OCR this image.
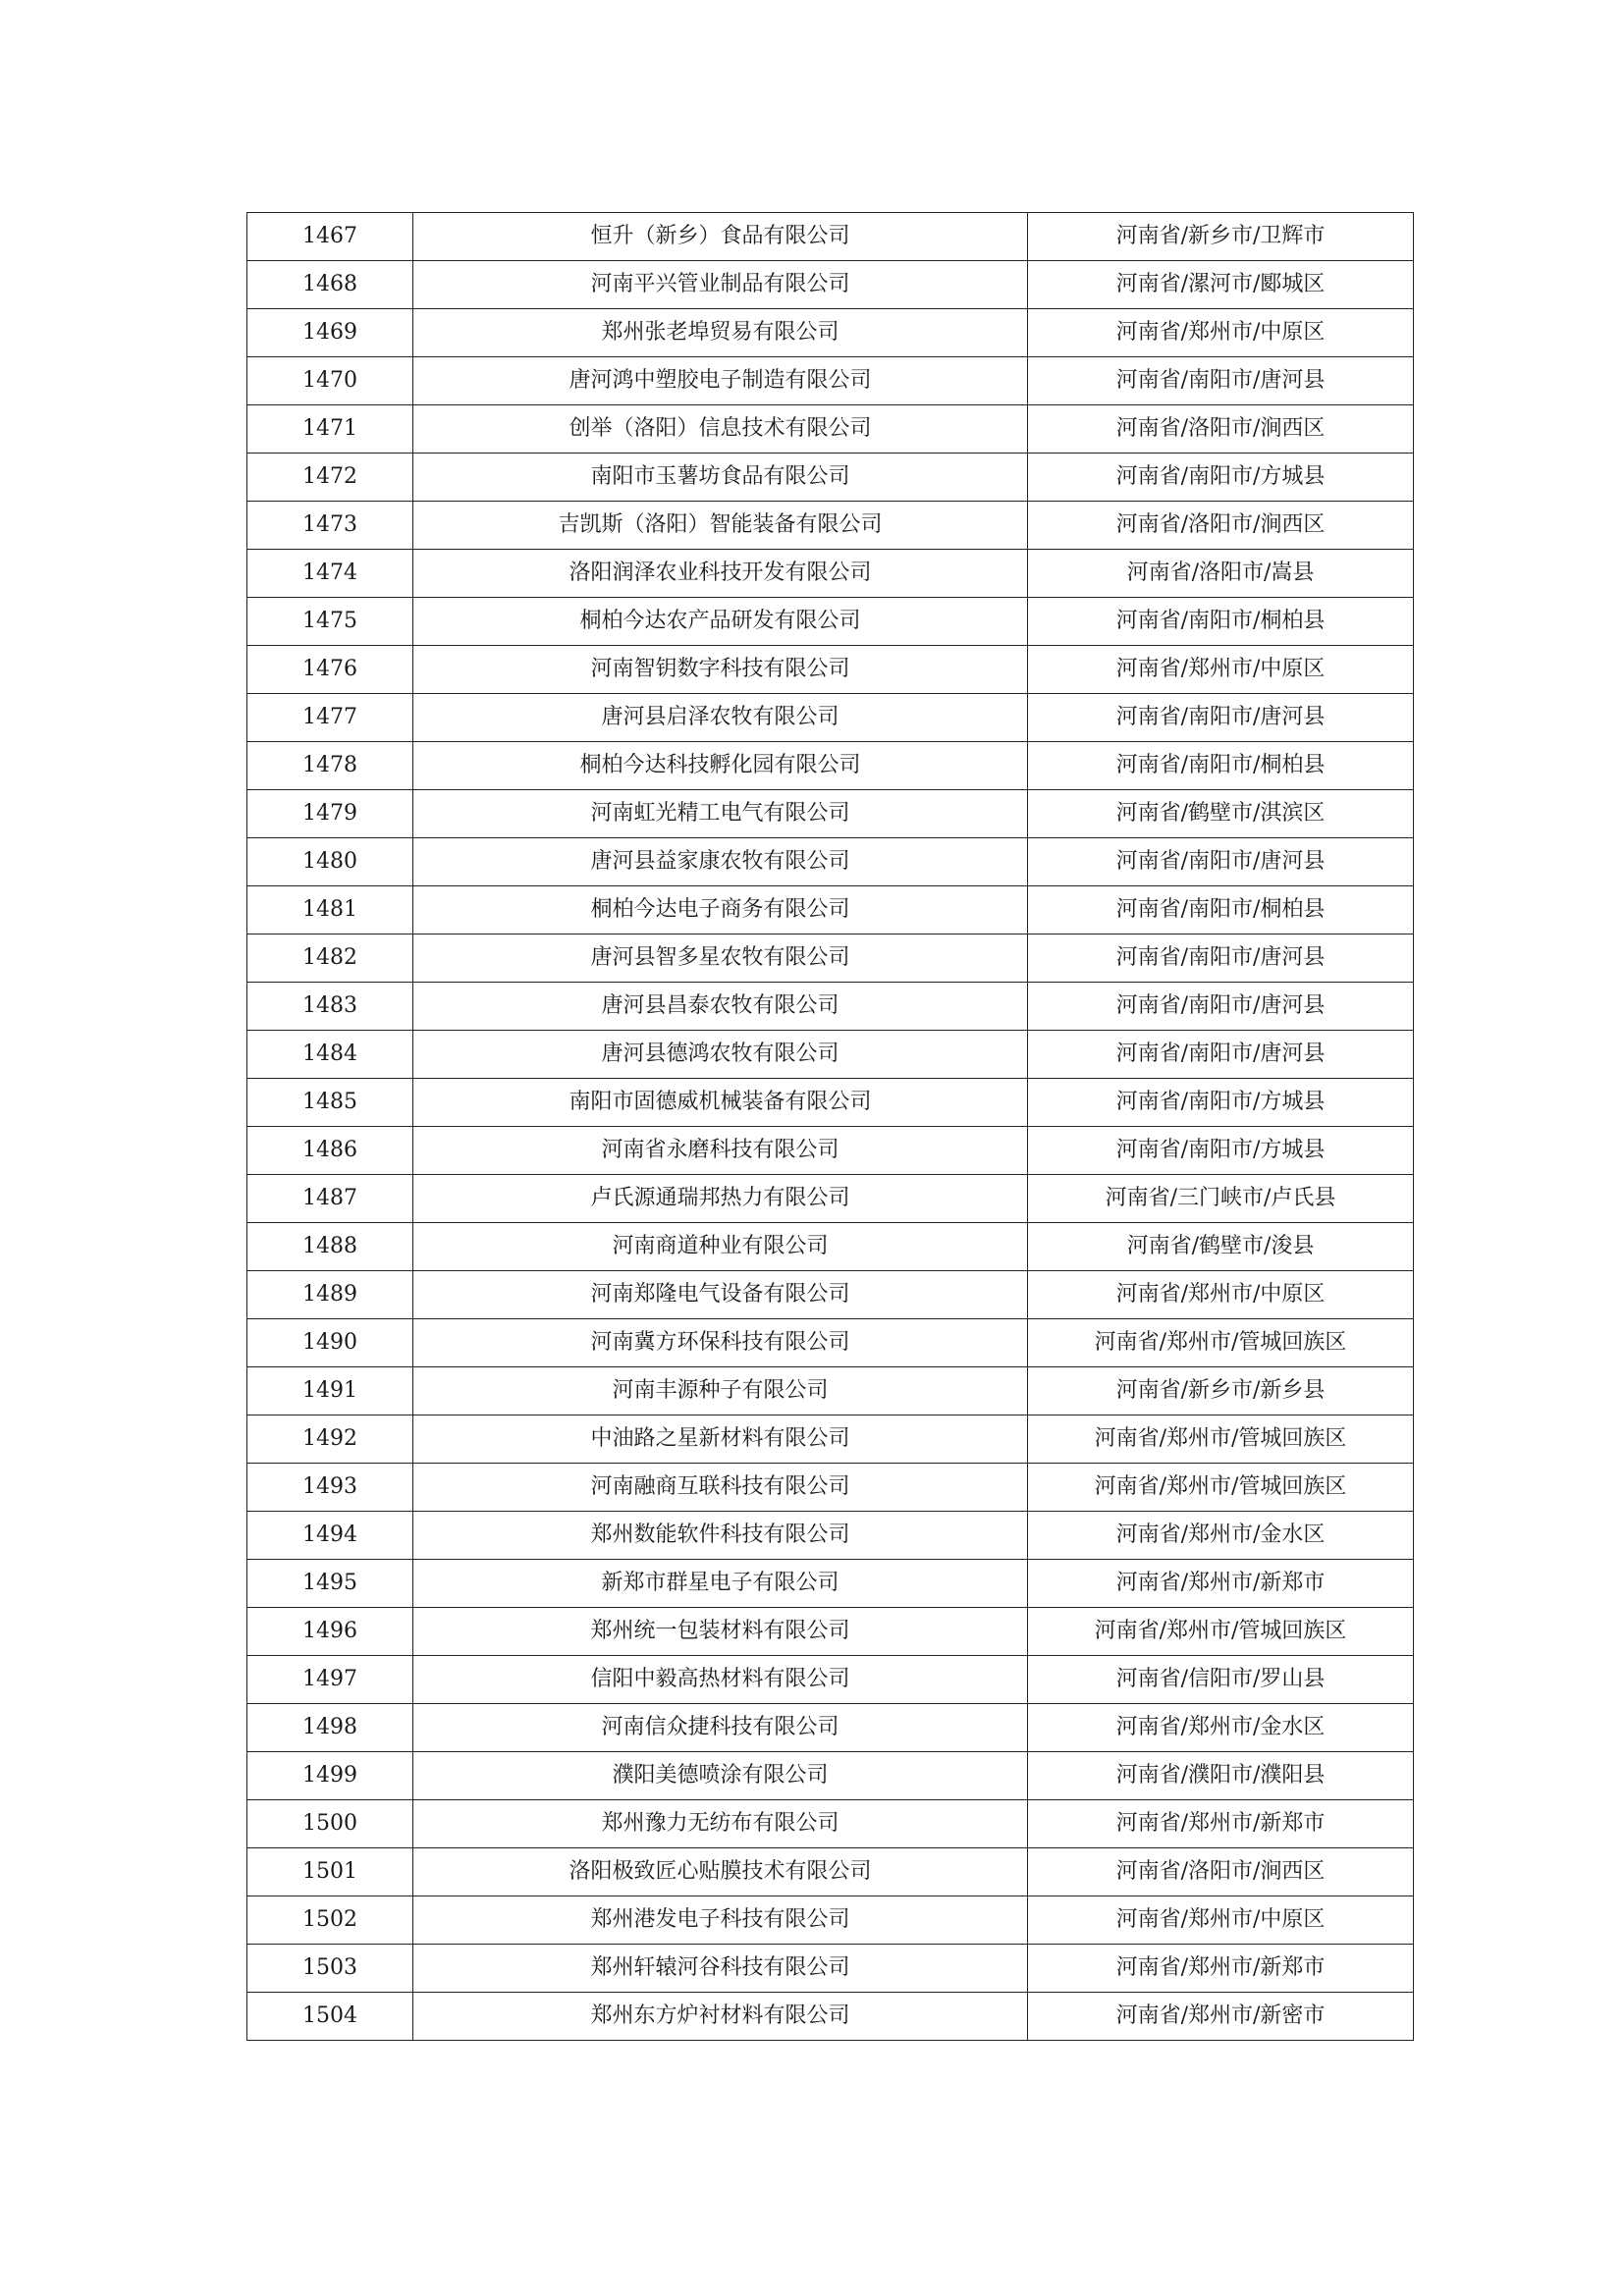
1467	恒升（新乡）食品有限公司	河南省/新乡市/卫辉市
1468	河南平兴管业制品有限公司	河南省/漯河市/郾城区
1469	郑州张老埠贸易有限公司	河南省/郑州市/中原区
1470	唐河鸿中塑胶电子制造有限公司	河南省/南阳市/唐河县
1471	创举（洛阳）信息技术有限公司	河南省/洛阳市/涧西区
1472	南阳市玉薯坊食品有限公司	河南省/南阳市/方城县
1473	吉凯斯（洛阳）智能装备有限公司	河南省/洛阳市/涧西区
1474	洛阳润泽农业科技开发有限公司	河南省/洛阳市/嵩县
1475	桐柏今达农产品研发有限公司	河南省/南阳市/桐柏县
1476	河南智钥数字科技有限公司	河南省/郑州市/中原区
1477	唐河县启泽农牧有限公司	河南省/南阳市/唐河县
1478	桐柏今达科技孵化园有限公司	河南省/南阳市/桐柏县
1479	河南虹光精工电气有限公司	河南省/鹤壁市/淇滨区
1480	唐河县益家康农牧有限公司	河南省/南阳市/唐河县
1481	桐柏今达电子商务有限公司	河南省/南阳市/桐柏县
1482	唐河县智多星农牧有限公司	河南省/南阳市/唐河县
1483	唐河县昌泰农牧有限公司	河南省/南阳市/唐河县
1484	唐河县德鸿农牧有限公司	河南省/南阳市/唐河县
1485	南阳市固德威机械装备有限公司	河南省/南阳市/方城县
1486	河南省永磨科技有限公司	河南省/南阳市/方城县
1487	卢氏源通瑞邦热力有限公司	河南省/三门峡市/卢氏县
1488	河南商道种业有限公司	河南省/鹤壁市/浚县
1489	河南郑隆电气设备有限公司	河南省/郑州市/中原区
1490	河南冀方环保科技有限公司	河南省/郑州市/管城回族区
1491	河南丰源种子有限公司	河南省/新乡市/新乡县
1492	中油路之星新材料有限公司	河南省/郑州市/管城回族区
1493	河南融商互联科技有限公司	河南省/郑州市/管城回族区
1494	郑州数能软件科技有限公司	河南省/郑州市/金水区
1495	新郑市群星电子有限公司	河南省/郑州市/新郑市
1496	郑州统一包装材料有限公司	河南省/郑州市/管城回族区
1497	信阳中毅高热材料有限公司	河南省/信阳市/罗山县
1498	河南信众捷科技有限公司	河南省/郑州市/金水区
1499	濮阳美德喷涂有限公司	河南省/濮阳市/濮阳县
1500	郑州豫力无纺布有限公司	河南省/郑州市/新郑市
1501	洛阳极致匠心贴膜技术有限公司	河南省/洛阳市/涧西区
1502	郑州港发电子科技有限公司	河南省/郑州市/中原区
1503	郑州轩辕河谷科技有限公司	河南省/郑州市/新郑市
1504	郑州东方炉衬材料有限公司	河南省/郑州市/新密市
